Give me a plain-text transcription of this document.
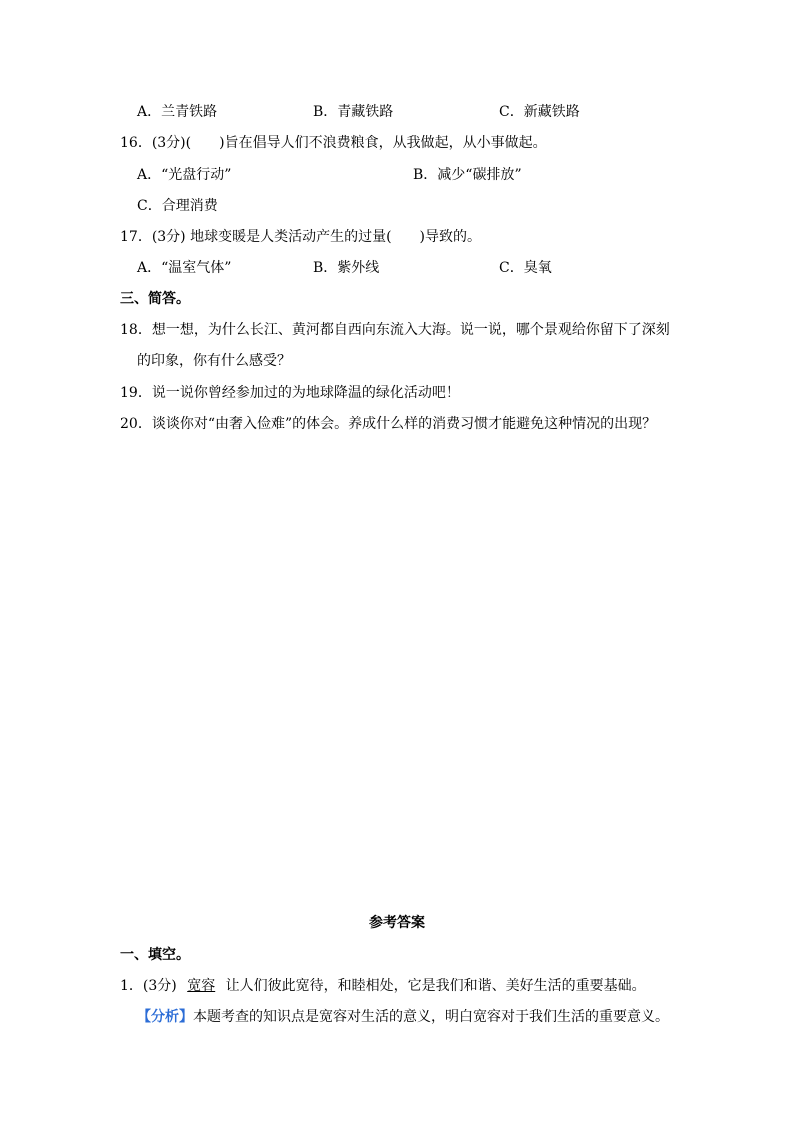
A．兰青铁路	B．青藏铁路	C．新藏铁路
16．(3分)(　　)旨在倡导人们不浪费粮食，从我做起，从小事做起。
A．“光盘行动”	B．减少“碳排放”
C．合理消费
17．(3分) 地球变暖是人类活动产生的过量(　　)导致的。
A．“温室气体”	B．紫外线	C．臭氧
三、简答。
18．想一想，为什么长江、黄河都自西向东流入大海。说一说，哪个景观给你留下了深刻
的印象，你有什么感受？
19．说一说你曾经参加过的为地球降温的绿化活动吧！
20．谈谈你对“由奢入俭难”的体会。养成什么样的消费习惯才能避免这种情况的出现？
参考答案
一、填空。
1．(3分) 宽容 让人们彼此宽待，和睦相处，它是我们和谐、美好生活的重要基础。
【分析】本题考查的知识点是宽容对生活的意义，明白宽容对于我们生活的重要意义。
